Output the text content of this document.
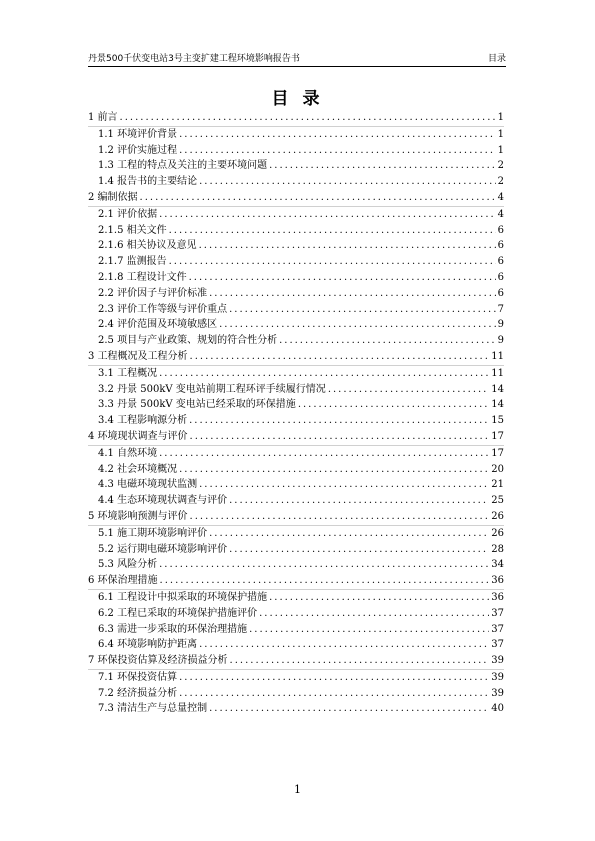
丹景500千伏变电站3号主变扩建工程环境影响报告书	目录
目 录
1 前言 .....	1
1.1 环境评价背景 .....	1
1.2 评价实施过程 .....	1
1.3 工程的特点及关注的主要环境问题 .....	2
1.4 报告书的主要结论 .....	2
2 编制依据 .....	4
2.1 评价依据 .....	4
2.1.5 相关文件 .....	6
2.1.6 相关协议及意见 .....	6
2.1.7 监测报告 .....	6
2.1.8 工程设计文件 .....	6
2.2 评价因子与评价标准 .....	6
2.3 评价工作等级与评价重点 .....	7
2.4 评价范围及环境敏感区 .....	9
2.5 项目与产业政策、规划的符合性分析 .....	9
3 工程概况及工程分析 .....	11
3.1 工程概况 .....	11
3.2 丹景 500kV 变电站前期工程环评手续履行情况 .....	14
3.3 丹景 500kV 变电站已经采取的环保措施 .....	14
3.4 工程影响源分析 .....	15
4 环境现状调查与评价 .....	17
4.1 自然环境 .....	17
4.2 社会环境概况 .....	20
4.3 电磁环境现状监测 .....	21
4.4 生态环境现状调查与评价 .....	25
5 环境影响预测与评价 .....	26
5.1 施工期环境影响评价 .....	26
5.2 运行期电磁环境影响评价 .....	28
5.3 风险分析 .....	34
6 环保治理措施 .....	36
6.1 工程设计中拟采取的环境保护措施 .....	36
6.2 工程已采取的环境保护措施评价 .....	37
6.3 需进一步采取的环保治理措施 .....	37
6.4 环境影响防护距离 .....	37
7 环保投资估算及经济损益分析 .....	39
7.1 环保投资估算 .....	39
7.2 经济损益分析 .....	39
7.3 清洁生产与总量控制 .....	40
1
